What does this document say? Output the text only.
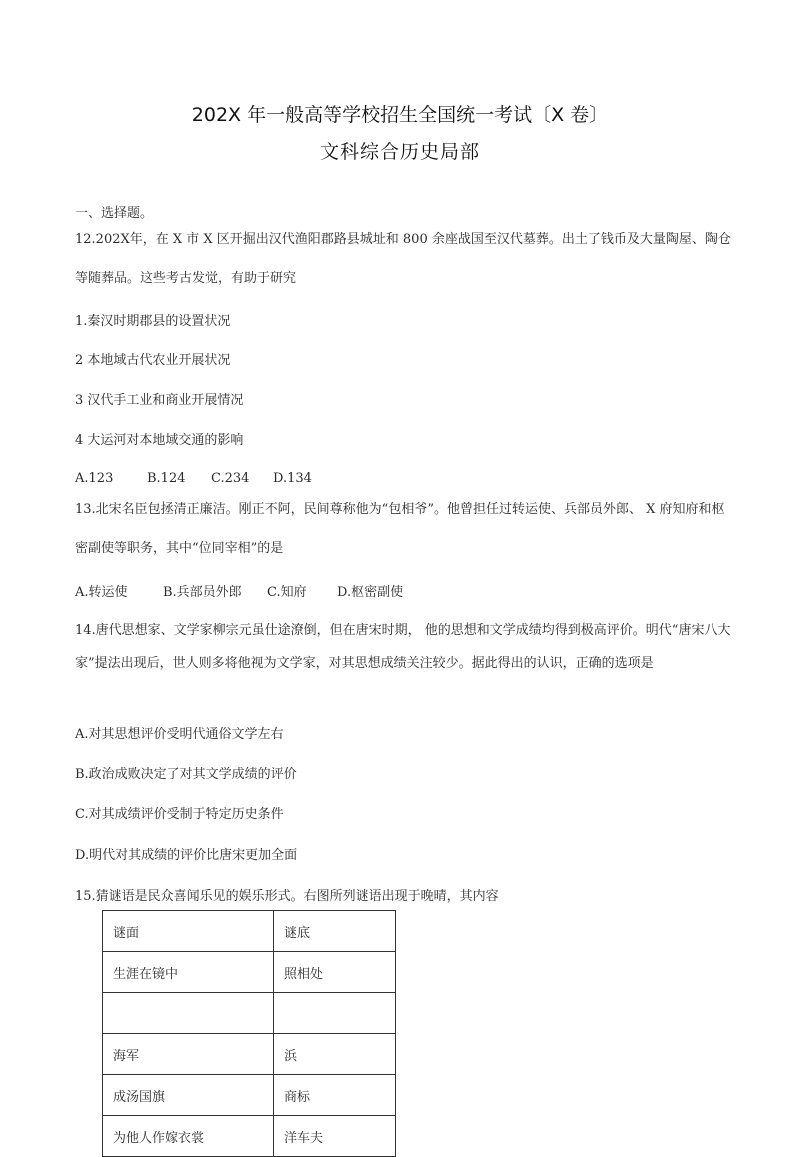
202X 年一般高等学校招生全国统一考试〔X 卷〕
文科综合历史局部
一、选择题。
12.202X年，在 X 市 X 区开掘出汉代渔阳郡路县城址和 800 余座战国至汉代墓葬。出土了钱币及大量陶屋、陶仓等随葬品。这些考古发觉，有助于研究
1.秦汉时期郡县的设置状况
2 本地域古代农业开展状况
3 汉代手工业和商业开展情况
4 大运河对本地域交通的影响
A.123	B.124 C.234 D.134
13.北宋名臣包拯清正廉洁。刚正不阿，民间尊称他为“包相爷”。他曾担任过转运使、兵部员外郎、 X 府知府和枢密副使等职务，其中“位同宰相”的是
A.转运使	B.兵部员外郎 C.知府 D.枢密副使
14.唐代思想家、文学家柳宗元虽仕途潦倒，但在唐宋时期， 他的思想和文学成绩均得到极高评价。明代“唐宋八大家”提法出现后，世人则多将他视为文学家，对其思想成绩关注较少。据此得出的认识，正确的选项是
A.对其思想评价受明代通俗文学左右
B.政治成败决定了对其文学成绩的评价
C.对其成绩评价受制于特定历史条件
D.明代对其成绩的评价比唐宋更加全面
15.猜谜语是民众喜闻乐见的娱乐形式。右图所列谜语出现于晚晴，其内容
谜面	谜底
生涯在镜中	照相处

海军	浜
成汤国旗	商标
为他人作嫁衣裳	洋车夫
